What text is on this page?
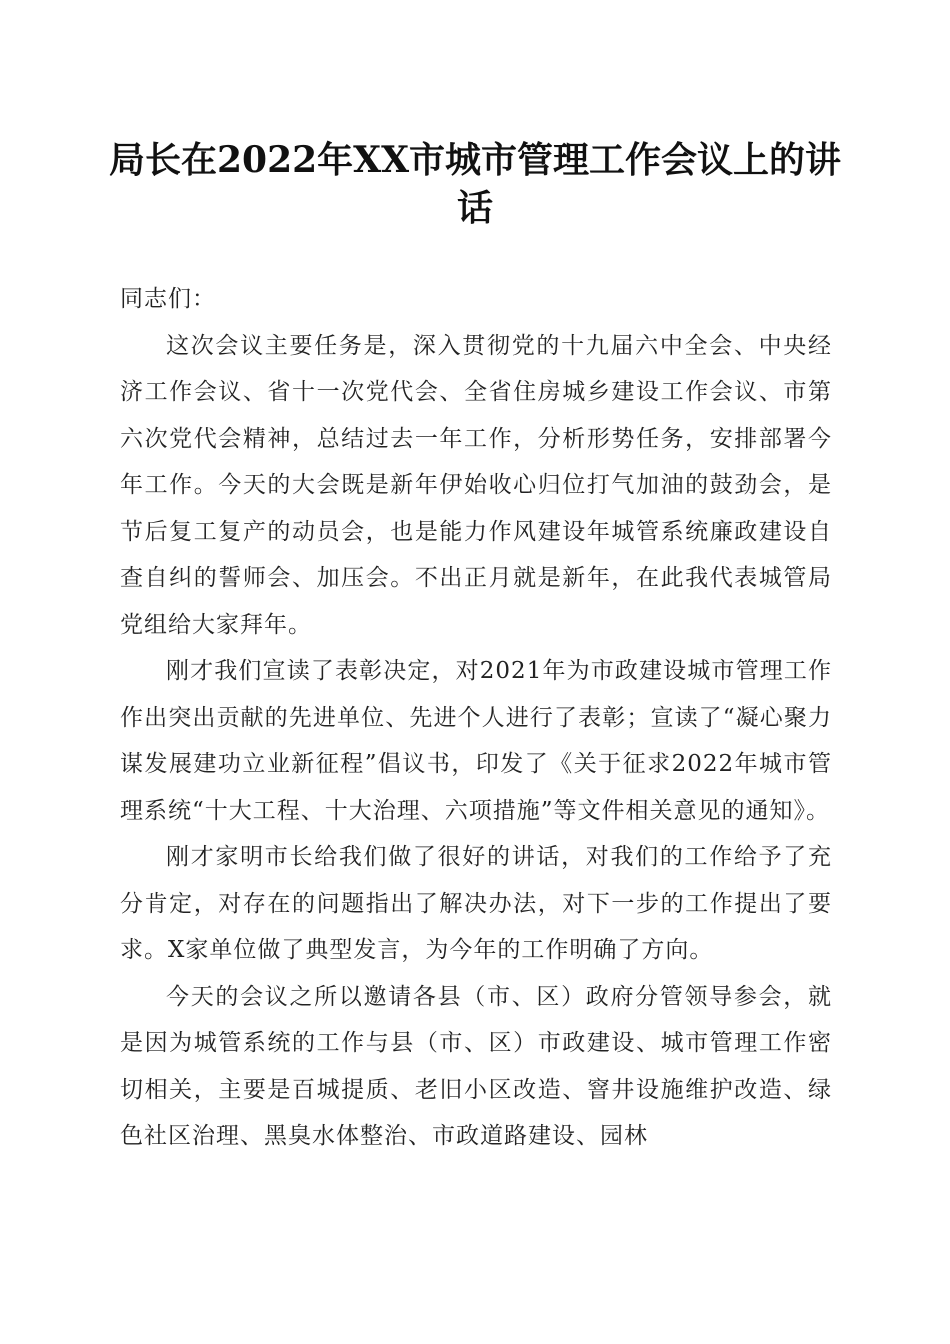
局长在2022年XX市城市管理工作会议上的讲话

同志们：

这次会议主要任务是，深入贯彻党的十九届六中全会、中央经济工作会议、省十一次党代会、全省住房城乡建设工作会议、市第六次党代会精神，总结过去一年工作，分析形势任务，安排部署今年工作。今天的大会既是新年伊始收心归位打气加油的鼓劲会，是节后复工复产的动员会，也是能力作风建设年城管系统廉政建设自查自纠的誓师会、加压会。不出正月就是新年，在此我代表城管局党组给大家拜年。

刚才我们宣读了表彰决定，对2021年为市政建设城市管理工作作出突出贡献的先进单位、先进个人进行了表彰；宣读了“凝心聚力谋发展建功立业新征程”倡议书，印发了《关于征求2022年城市管理系统“十大工程、十大治理、六项措施”等文件相关意见的通知》。

刚才家明市长给我们做了很好的讲话，对我们的工作给予了充分肯定，对存在的问题指出了解决办法，对下一步的工作提出了要求。X家单位做了典型发言，为今年的工作明确了方向。

今天的会议之所以邀请各县（市、区）政府分管领导参会，就是因为城管系统的工作与县（市、区）市政建设、城市管理工作密切相关，主要是百城提质、老旧小区改造、窨井设施维护改造、绿色社区治理、黑臭水体整治、市政道路建设、园林
